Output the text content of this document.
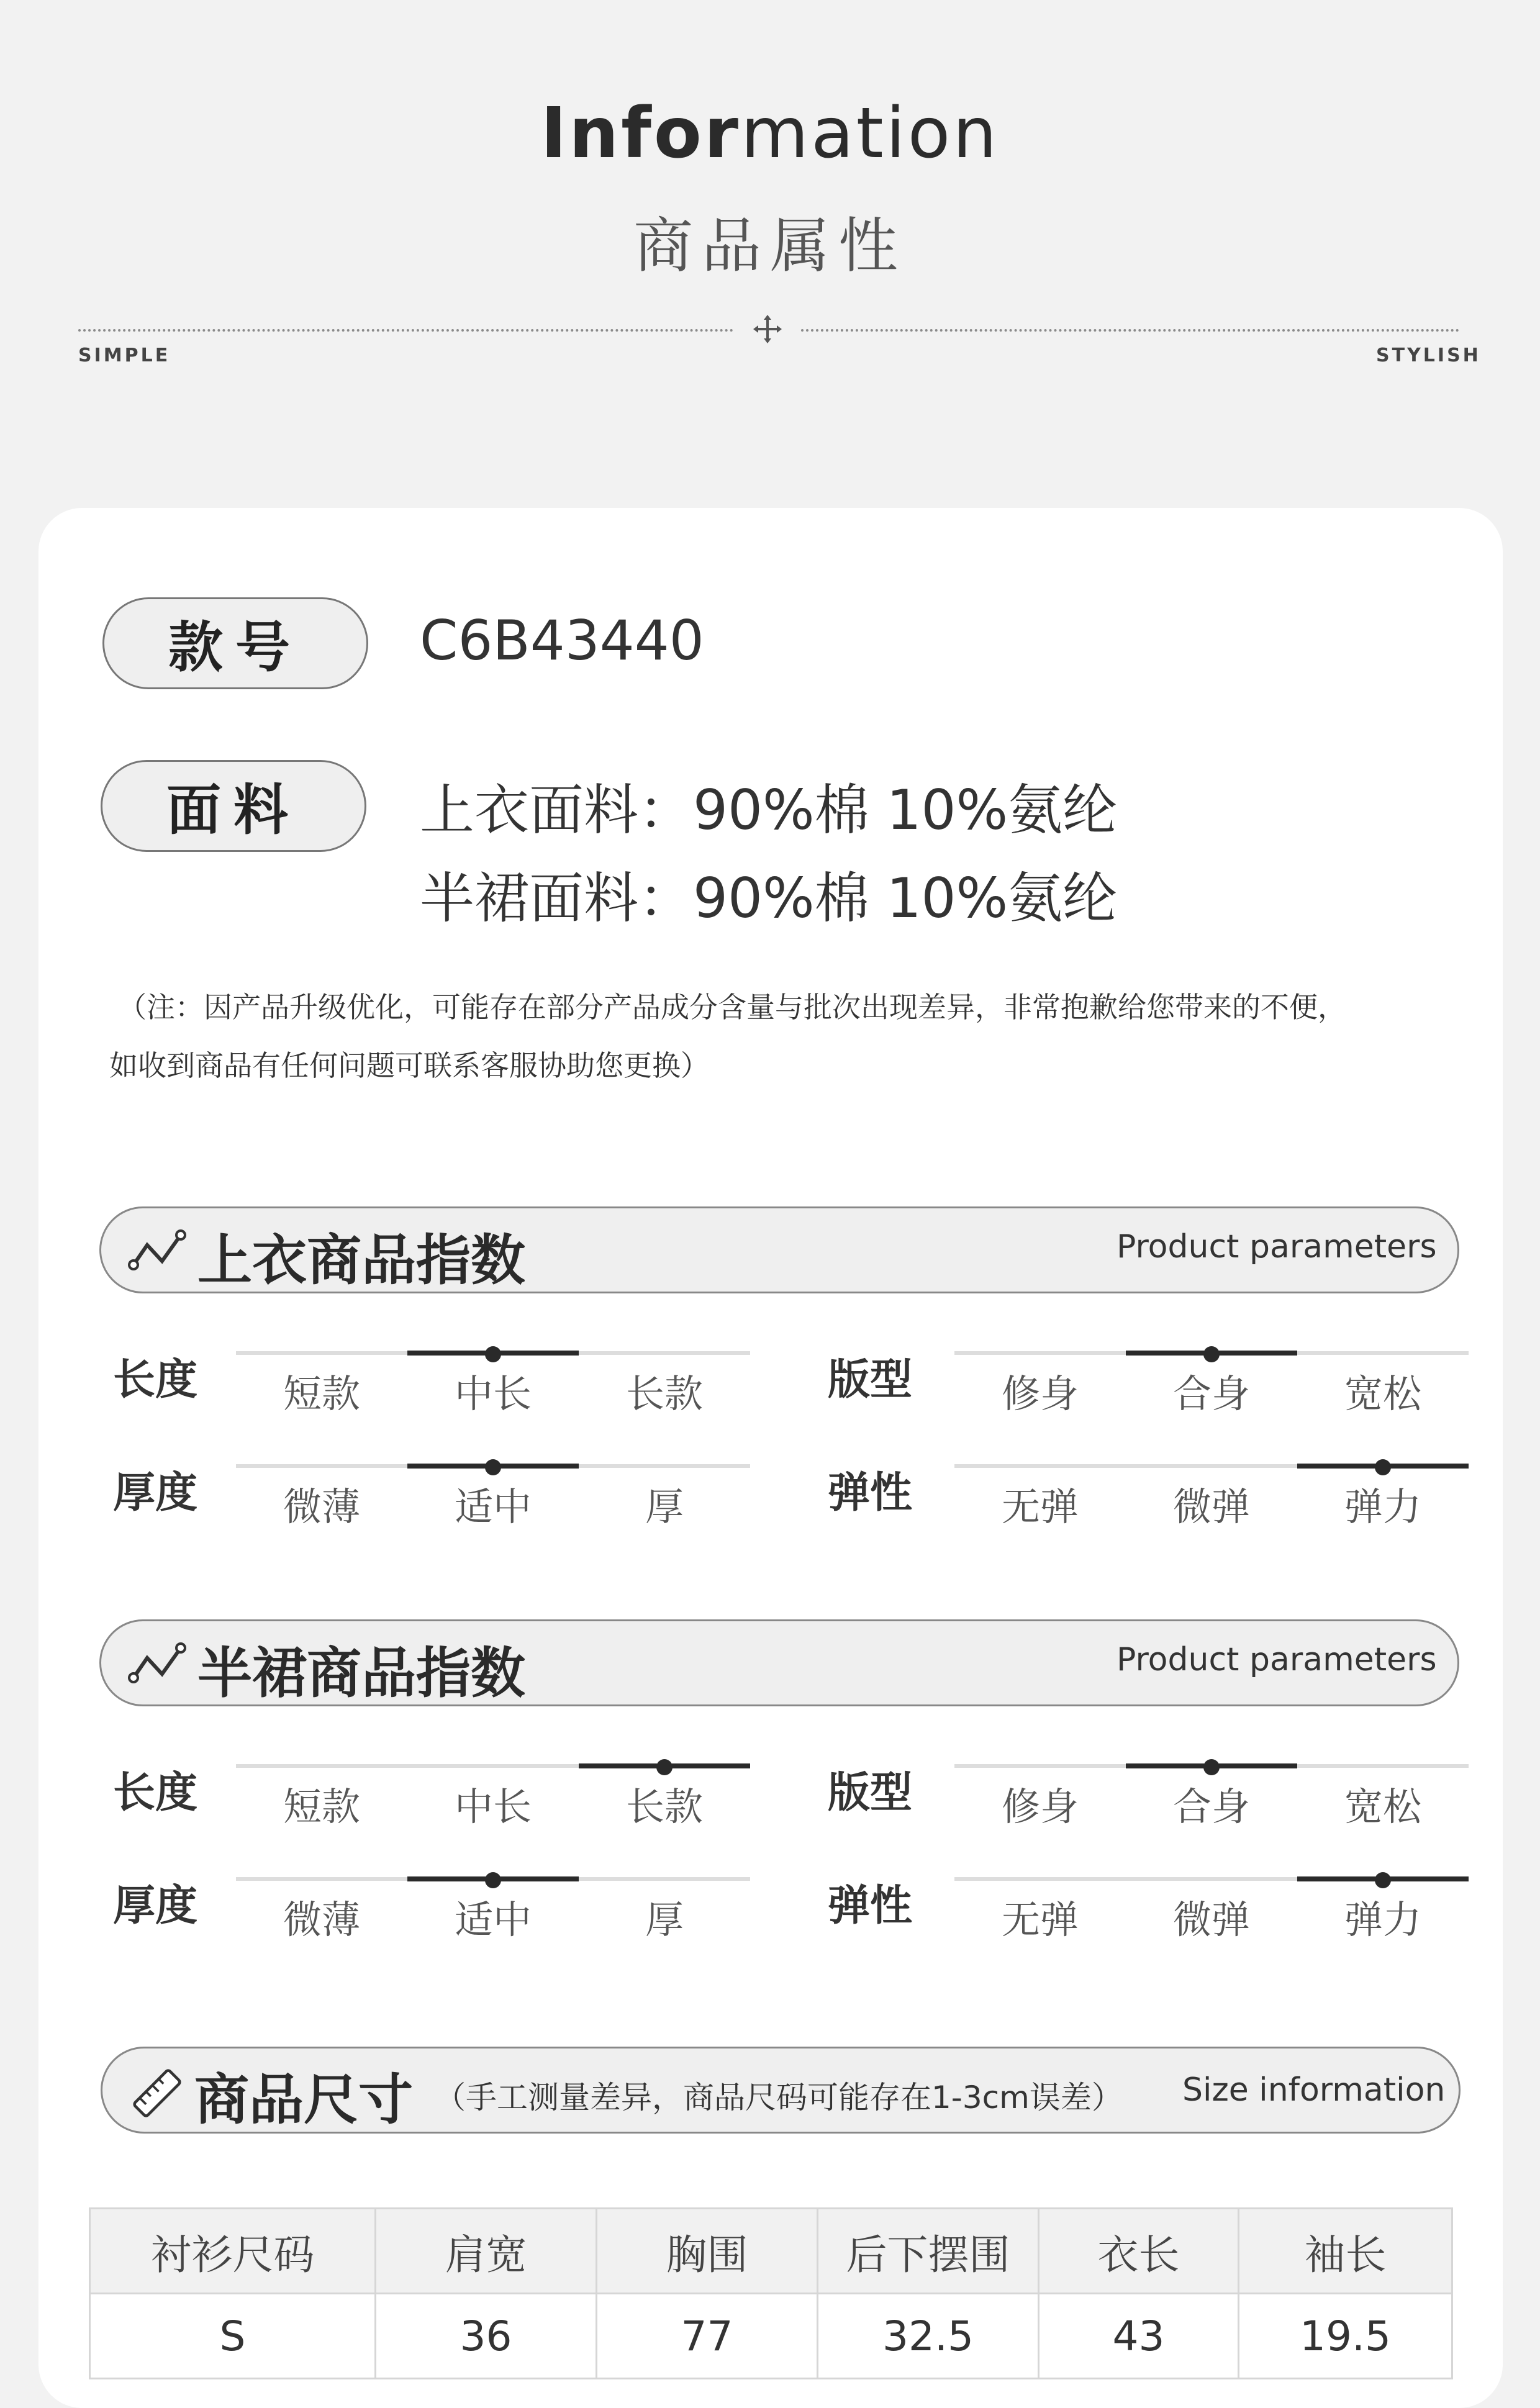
Information
商品属性
SIMPLE	STYLISH
款号 C6B43440
面料 上衣面料：90%棉 10%氨纶
半裙面料：90%棉 10%氨纶
（注：因产品升级优化，可能存在部分产品成分含量与批次出现差异，非常抱歉给您带来的不便，
如收到商品有任何问题可联系客服协助您更换）
上衣商品指数	Product parameters
长度	短款	中长	长款	版型	修身	合身	宽松
厚度	微薄	适中	厚	弹性	无弹	微弹	弹力
半裙商品指数	Product parameters
长度	短款	中长	长款	版型	修身	合身	宽松
厚度	微薄	适中	厚	弹性	无弹	微弹	弹力
商品尺寸 （手工测量差异，商品尺码可能存在1-3cm误差） Size information
衬衫尺码	肩宽	胸围	后下摆围	衣长	袖长
S	36	77	32.5	43	19.5
